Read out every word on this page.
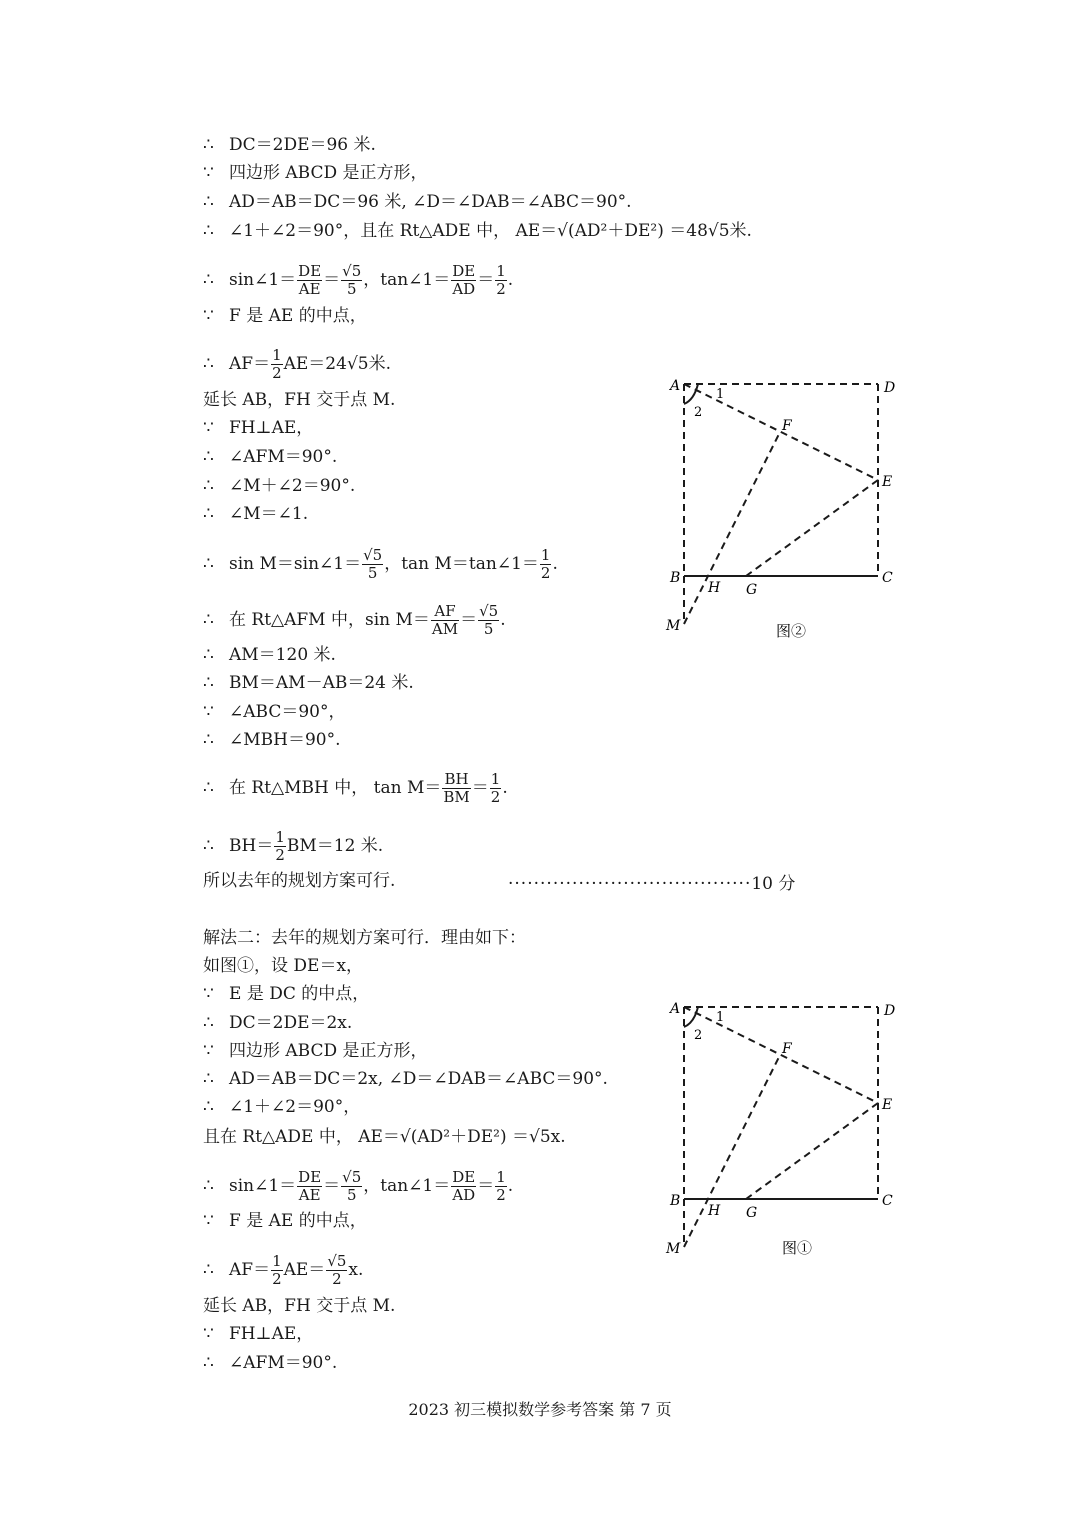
∴ DC＝2DE＝96 米.
∵ 四边形 ABCD 是正方形，
∴ AD＝AB＝DC＝96 米, ∠D＝∠DAB＝∠ABC＝90°.
∴ ∠1＋∠2＝90°，且在 Rt△ADE 中， AE＝√(AD²＋DE²) ＝48√5米.
∴ sin∠1＝ $\frac{DE}{AE} = \frac{√5}{5}$ ，tan∠1＝ $\frac{DE}{AD} = \frac{1}{2}$ .
∵ F 是 AE 的中点，
∴ $AF= \frac{1}{2} AE=24√5$米.
延长 AB，FH 交于点 M.
∵ FH⊥AE，
∴ ∠AFM＝90°.
∴ ∠M＋∠2＝90°.
∴ ∠M＝∠1.
∴ sin M＝sin∠1＝ $\frac{√5}{5}$ ，tan M＝tan∠1＝ $\frac{1}{2}$ .
∴ 在 Rt△AFM 中，$\sin M= \frac{AF}{AM} = \frac{√5}{5}$ .
∴ AM＝120 米.
∴ BM＝AM－AB＝24 米.
∵ ∠ABC＝90°，
∴ ∠MBH＝90°.
∴ 在 Rt△MBH 中， $\tan M= \frac{BH}{BM} = \frac{1}{2}$ .
∴ $BH= \frac{1}{2} BM=12$ 米.
所以去年的规划方案可行.	······································10 分
解法二：去年的规划方案可行．理由如下：
如图①，设 DE＝x，
∵ E 是 DC 的中点，
∴ DC＝2DE＝2x.
∵ 四边形 ABCD 是正方形，
∴ AD＝AB＝DC＝2x, ∠D＝∠DAB＝∠ABC＝90°.
∴ ∠1＋∠2＝90°，
且在 Rt△ADE 中， AE＝√(AD²＋DE²) ＝√5x.
∴ sin∠1＝ $\frac{DE}{AE} = \frac{√5}{5}$ ，tan∠1＝ $\frac{DE}{AD} = \frac{1}{2}$ .
∵ F 是 AE 的中点，
∴ $AF= \frac{1}{2} AE= \frac{√5}{2} x$.
延长 AB，FH 交于点 M.
∵ FH⊥AE，
∴ ∠AFM＝90°.
A	D
B	C
E
F
G
H
M
1
2
图②
A	D
B	C
E
F
G
H
M
1
2
图①
2023 初三模拟数学参考答案 第 7 页
